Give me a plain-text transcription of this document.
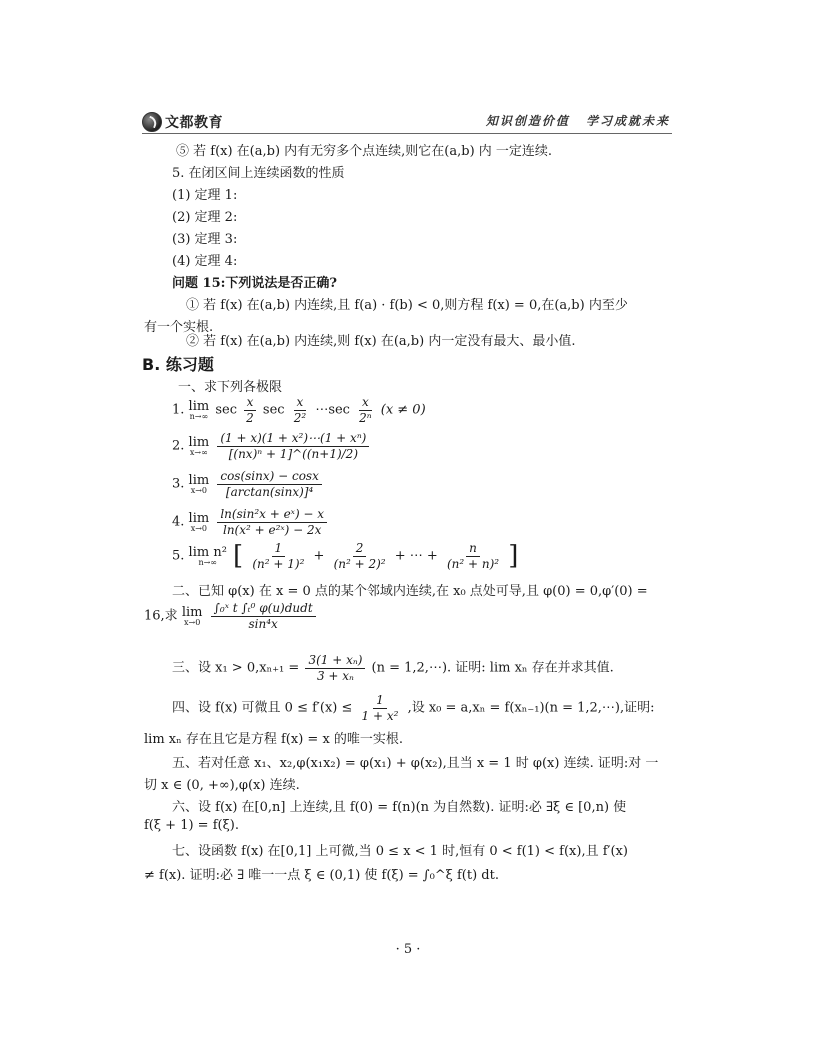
文都教育	知识创造价值 学习成就未来
⑤ 若 f(x) 在(a,b) 内有无穷多个点连续,则它在(a,b) 内 一定连续.
5. 在闭区间上连续函数的性质
(1) 定理 1:
(2) 定理 2:
(3) 定理 3:
(4) 定理 4:
问题 15:下列说法是否正确?
① 若 f(x) 在(a,b) 内连续,且 f(a) · f(b) < 0,则方程 f(x) = 0,在(a,b) 内至少
有一个实根.
② 若 f(x) 在(a,b) 内连续,则 f(x) 在(a,b) 内一定没有最大、最小值.
B. 练习题
一、求下列各极限
1. lim
n→∞ $\sec \frac{x}{2}$ $\sec \frac{x}{\text{2²}}$ ⋯sec $\frac{x}{\text{2ⁿ}} (x \ne 0)$
2. lim
x→∞
$\frac{\text{(1 + x)(1 + x²)⋯(1 + xⁿ)}}{\text{[(nx)ⁿ + 1]\textasciicircum{}((n+1)/2)}}$
3. lim
x→0
$\frac{\cos(\sin x) - \cos x}{\text{[arctan(sinx)]⁴}}$
4. lim
x→0
$\frac{\text{ln(sin²x + eˣ) − x}}{\text{ln(x² + e²ˣ) − 2x}}$
5. lim n²
n→∞ [ $\frac{1}{\text{(n² + 1)²}} + \frac{2}{\text{(n² + 2)²}}$ + ⋯ + $\frac{n}{\text{(n² + n)²}}$ ]
二、已知 φ(x) 在 x = 0 点的某个邻域内连续,在 x₀ 点处可导,且 φ(0) = 0,φ′(0) =
16,求 lim
x→0
$\frac{\text{∫₀ˣ t ∫ₜ⁰ φ(u)dudt}}{\text{sin⁴x}}$
三、设 $x_1 > 0,x_{n+1} = \frac{\text{3(1 + xₙ)}}{\text{3 + xₙ}} (n$ = 1,2,⋯). 证明: lim xₙ 存在并求其值.
四、设 f(x) 可微且 $0 \le f'(x) \le \frac{1}{\text{1 + x²}}$ ,设 x₀ = a,xₙ = f(xₙ₋₁)(n = 1,2,⋯),证明:
lim xₙ 存在且它是方程 f(x) = x 的唯一实根.
五、若对任意 x₁、x₂,φ(x₁x₂) = φ(x₁) + φ(x₂),且当 x = 1 时 φ(x) 连续. 证明:对 一
切 x ∈ (0, +∞),φ(x) 连续.
六、设 f(x) 在[0,n] 上连续,且 f(0) = f(n)(n 为自然数). 证明:必 ∃ξ ∈ [0,n) 使
f(ξ + 1) = f(ξ).
七、设函数 f(x) 在[0,1] 上可微,当 0 ≤ x < 1 时,恒有 0 < f(1) < f(x),且 f′(x)
≠ f(x). 证明:必 ∃ 唯一一点 ξ ∈ (0,1) 使 f(ξ) = ∫₀^ξ f(t) dt.
· 5 ·
